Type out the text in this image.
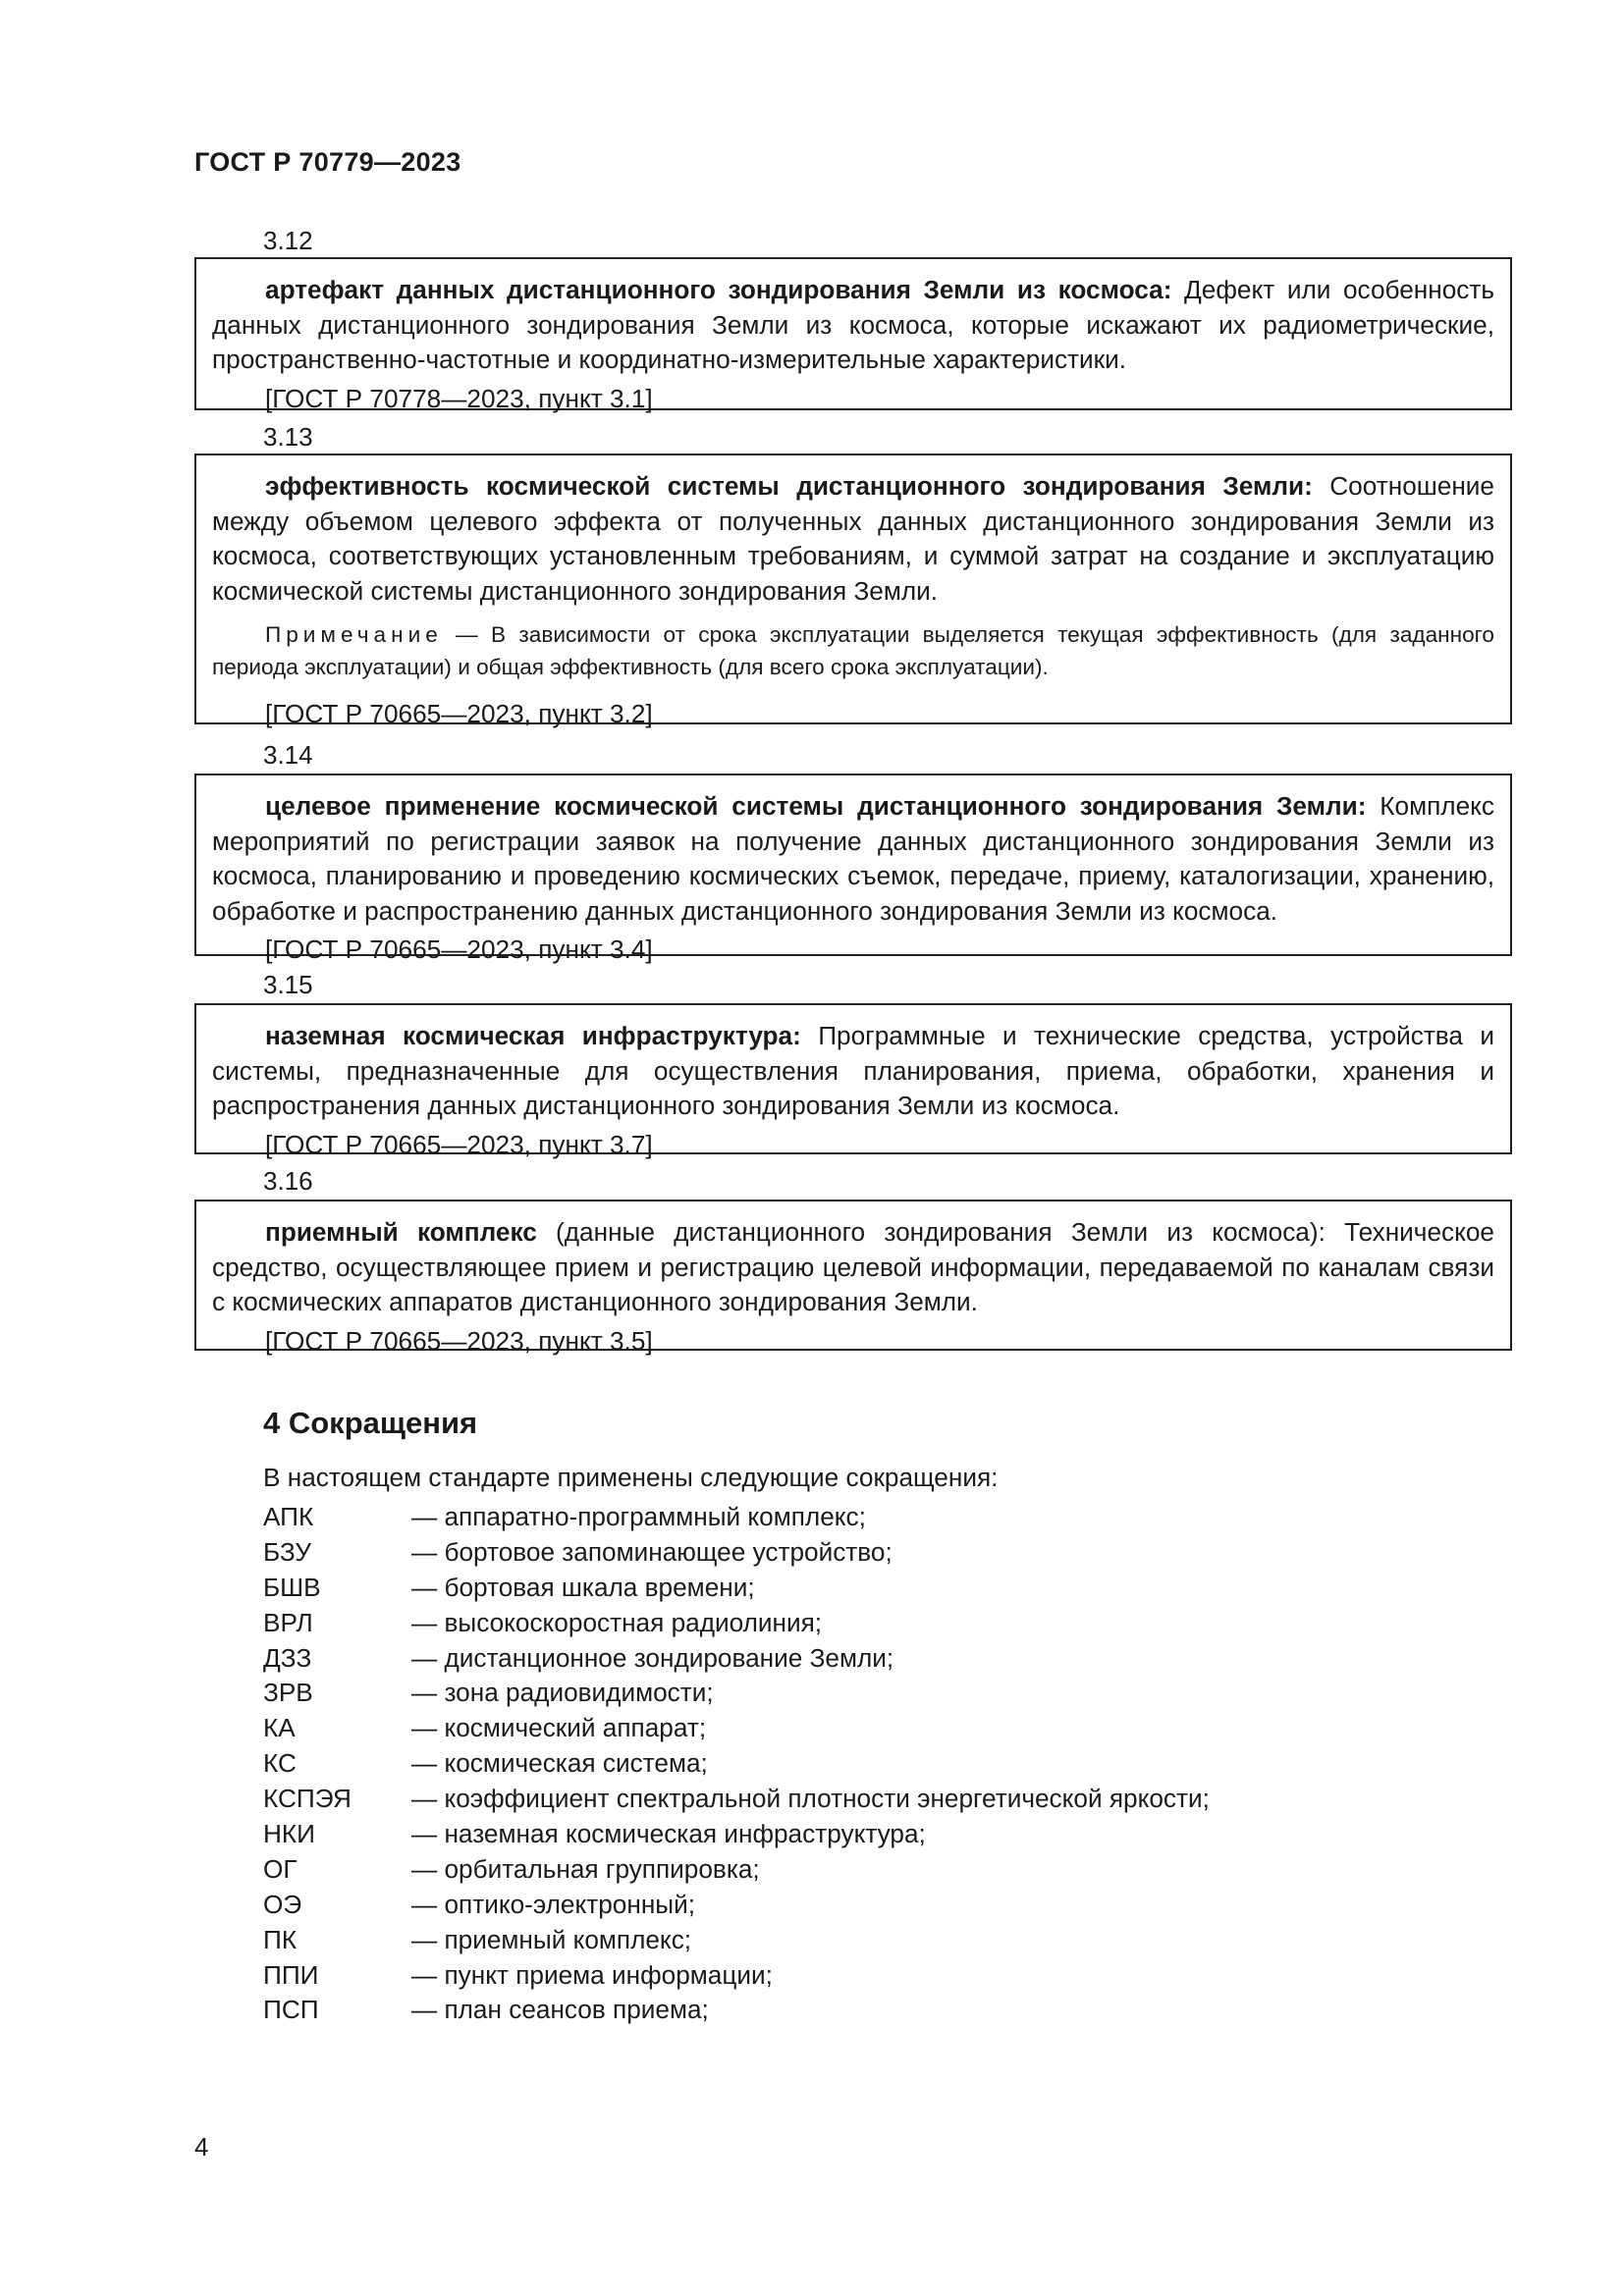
ГОСТ Р 70779—2023
3.12

артефакт данных дистанционного зондирования Земли из космоса: Дефект или особенность данных дистанционного зондирования Земли из космоса, которые искажают их радиометрические, пространственно-частотные и координатно-измерительные характеристики.

[ГОСТ Р 70778—2023, пункт 3.1]

3.13

эффективность космической системы дистанционного зондирования Земли: Соотношение между объемом целевого эффекта от полученных данных дистанционного зондирования Земли из космоса, соответствующих установленным требованиям, и суммой затрат на создание и эксплуатацию космической системы дистанционного зондирования Земли.

Примечание — В зависимости от срока эксплуатации выделяется текущая эффективность (для заданного периода эксплуатации) и общая эффективность (для всего срока эксплуатации).

[ГОСТ Р 70665—2023, пункт 3.2]

3.14

целевое применение космической системы дистанционного зондирования Земли: Комплекс мероприятий по регистрации заявок на получение данных дистанционного зондирования Земли из космоса, планированию и проведению космических съемок, передаче, приему, каталогизации, хранению, обработке и распространению данных дистанционного зондирования Земли из космоса.

[ГОСТ Р 70665—2023, пункт 3.4]

3.15

наземная космическая инфраструктура: Программные и технические средства, устройства и системы, предназначенные для осуществления планирования, приема, обработки, хранения и распространения данных дистанционного зондирования Земли из космоса.

[ГОСТ Р 70665—2023, пункт 3.7]

3.16

приемный комплекс (данные дистанционного зондирования Земли из космоса): Техническое средство, осуществляющее прием и регистрацию целевой информации, передаваемой по каналам связи с космических аппаратов дистанционного зондирования Земли.

[ГОСТ Р 70665—2023, пункт 3.5]

4 Сокращения

В настоящем стандарте применены следующие сокращения:

АПК	— аппаратно-программный комплекс;
БЗУ	— бортовое запоминающее устройство;
БШВ	— бортовая шкала времени;
ВРЛ	— высокоскоростная радиолиния;
ДЗЗ	— дистанционное зондирование Земли;
ЗРВ	— зона радиовидимости;
КА	— космический аппарат;
КС	— космическая система;
КСПЭЯ	— коэффициент спектральной плотности энергетической яркости;
НКИ	— наземная космическая инфраструктура;
ОГ	— орбитальная группировка;
ОЭ	— оптико-электронный;
ПК	— приемный комплекс;
ППИ	— пункт приема информации;
ПСП	— план сеансов приема;
4
